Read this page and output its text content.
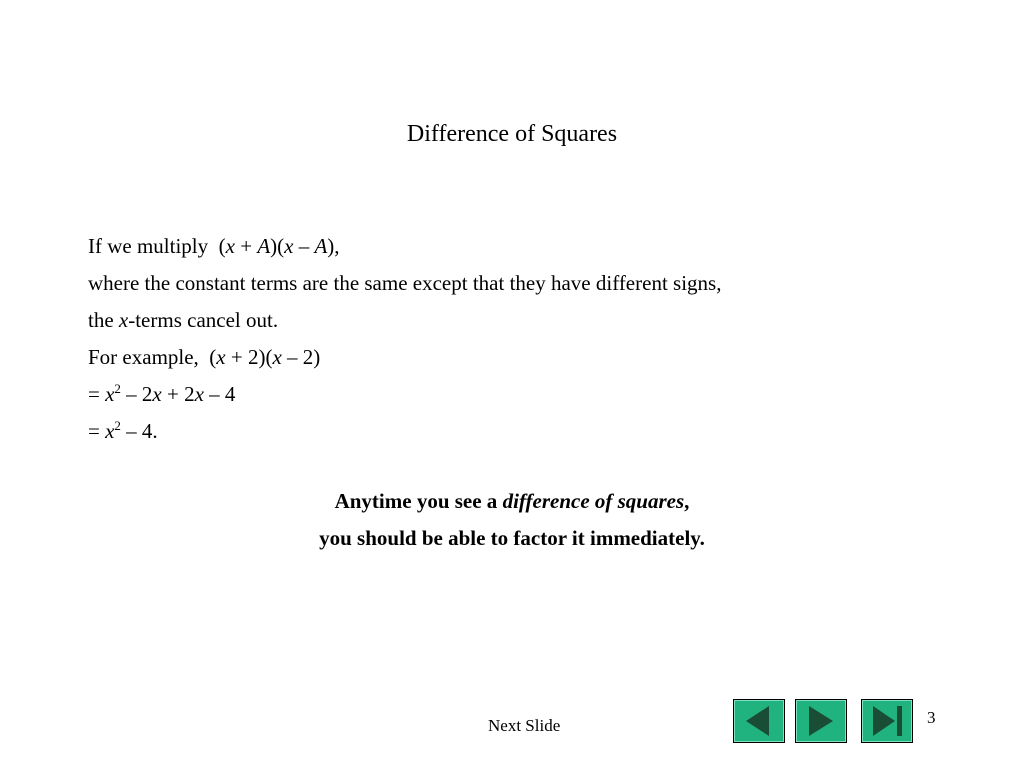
Difference of Squares
If we multiply  (x + A)(x – A),
where the constant terms are the same except that they have different signs,
the x-terms cancel out.
For example,  (x + 2)(x – 2)
= $x^2 - 2x + 2x - 4$
= $x^2 - 4$.
Anytime you see a difference of squares,
you should be able to factor it immediately.
Next Slide	3
